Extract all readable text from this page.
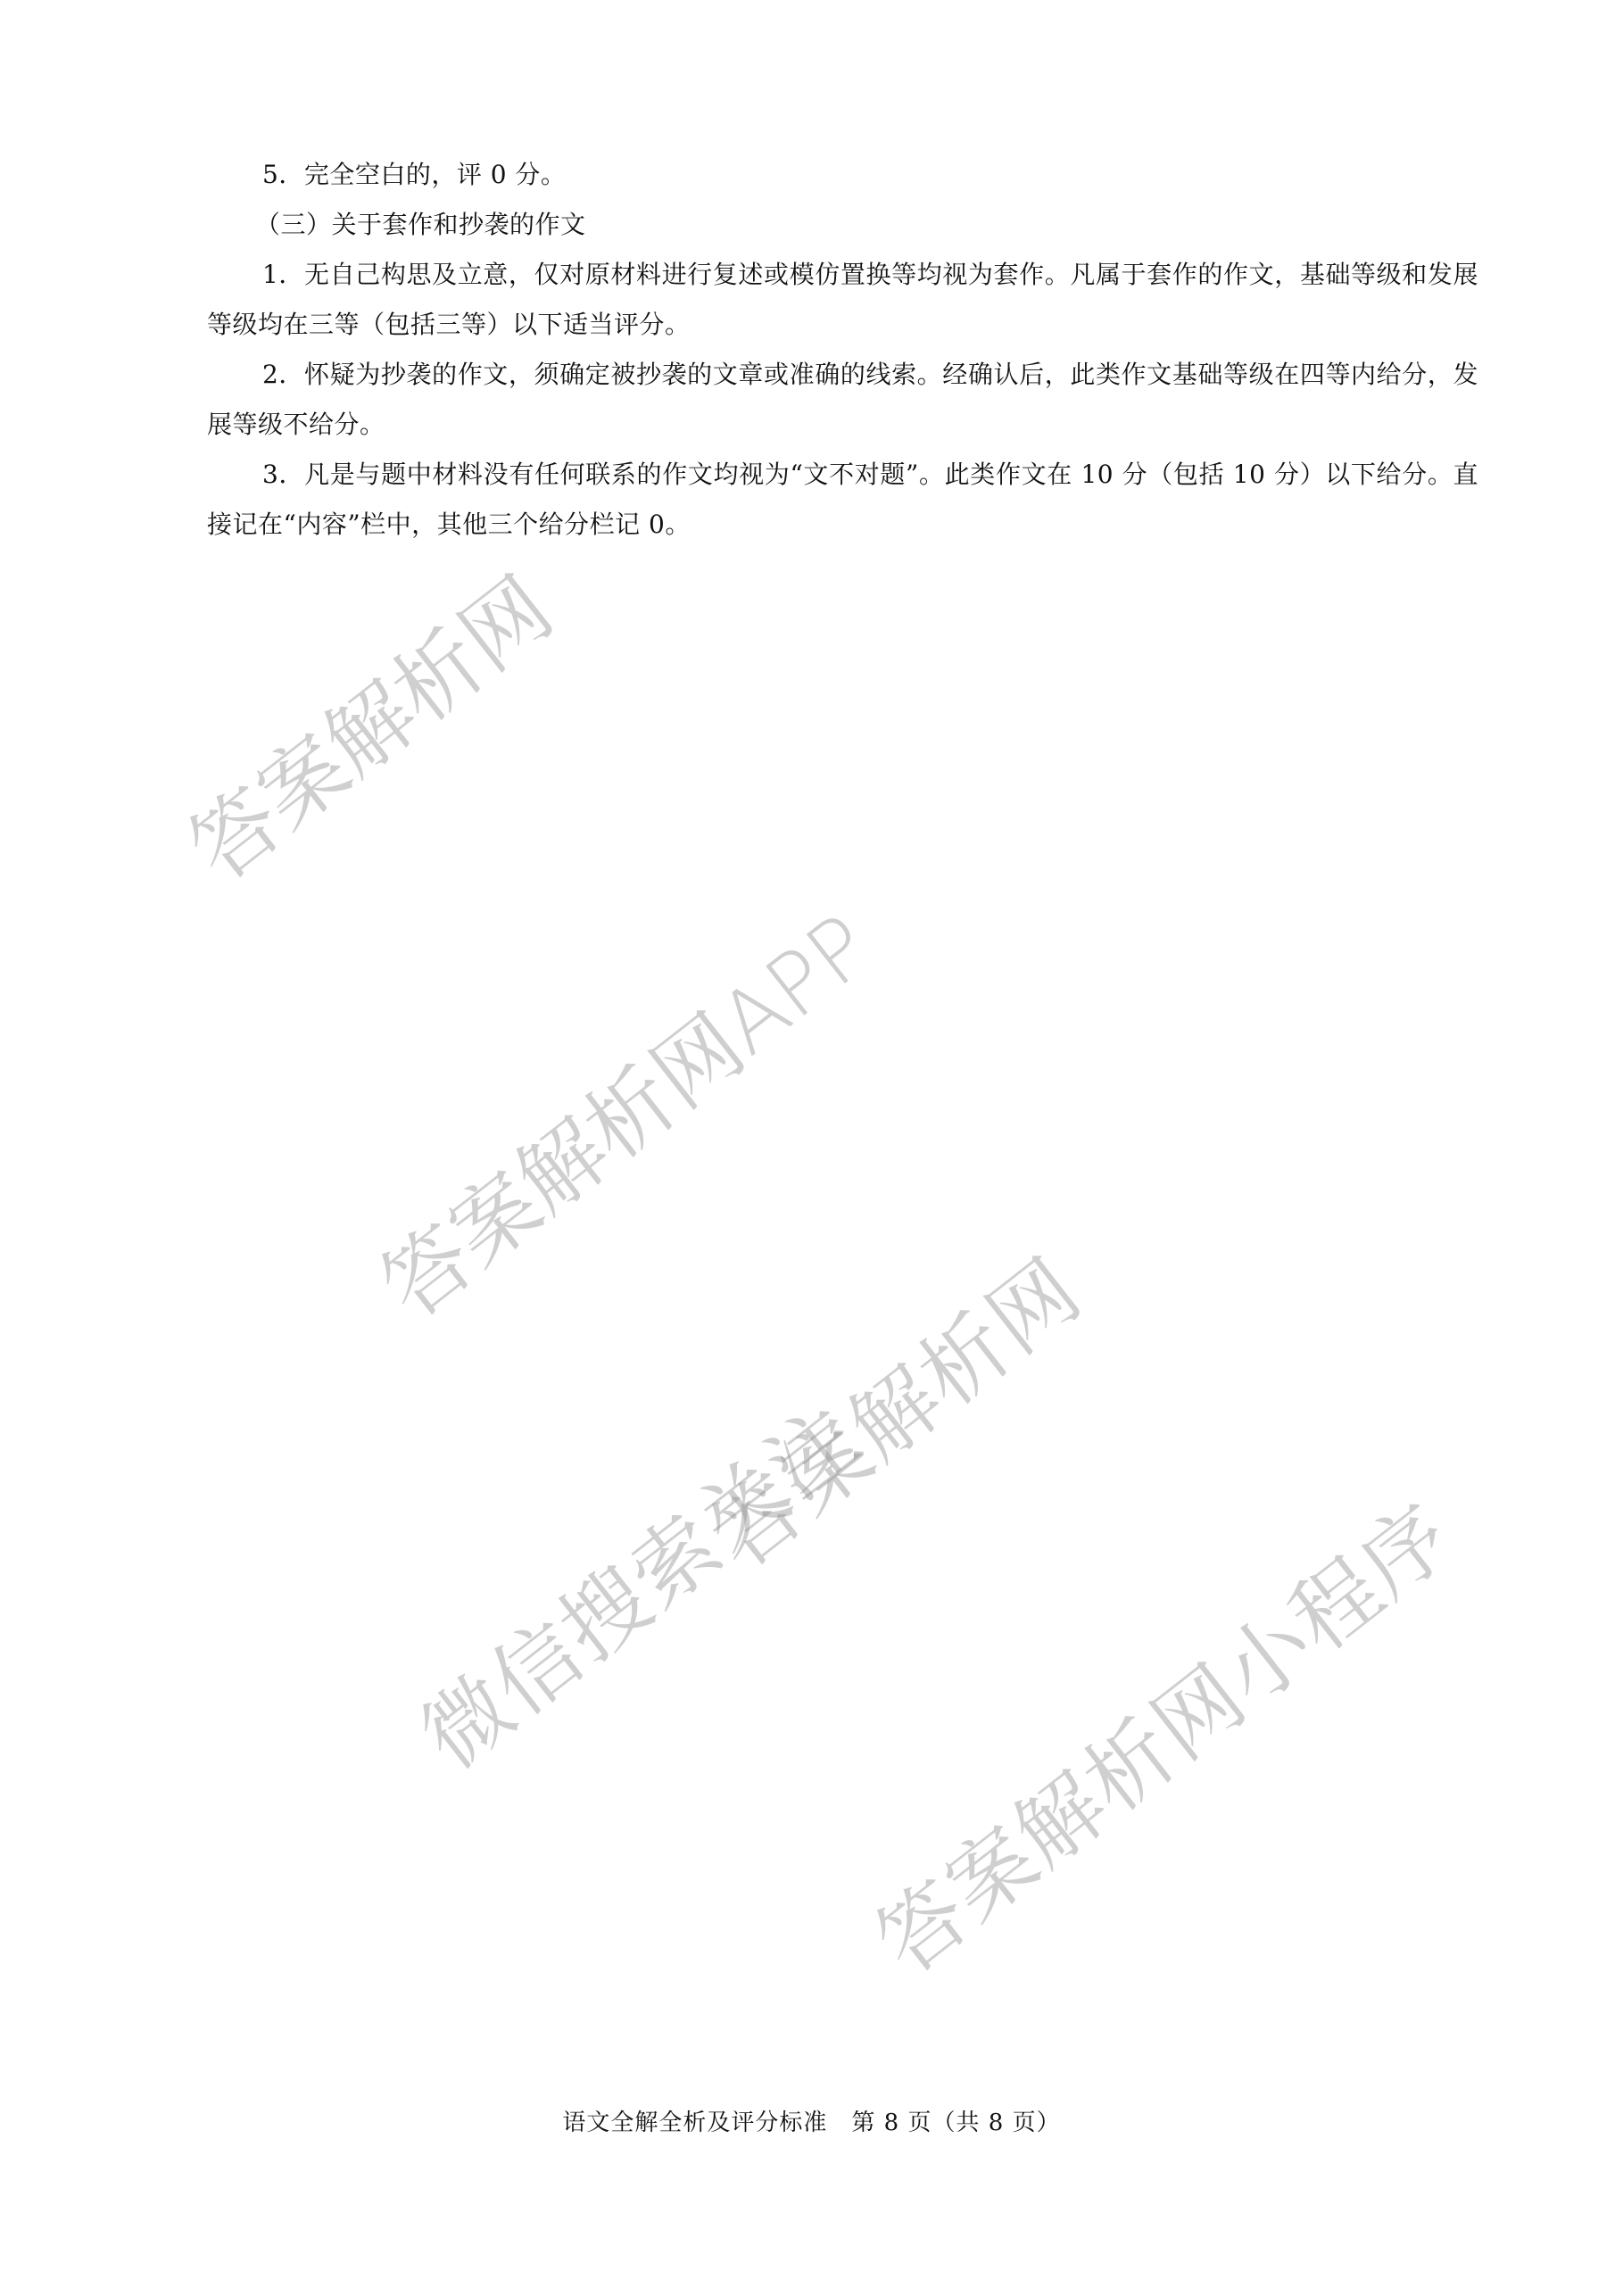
5．完全空白的，评 0 分。

（三）关于套作和抄袭的作文

1．无自己构思及立意，仅对原材料进行复述或模仿置换等均视为套作。凡属于套作的作文，基础等级和发展等级均在三等（包括三等）以下适当评分。

2．怀疑为抄袭的作文，须确定被抄袭的文章或准确的线索。经确认后，此类作文基础等级在四等内给分，发展等级不给分。

3．凡是与题中材料没有任何联系的作文均视为“文不对题”。此类作文在 10 分（包括 10 分）以下给分。直接记在“内容”栏中，其他三个给分栏记 0。

答案解析网
答案解析网APP
答案解析网
微信搜索关注
答案解析网小程序
语文全解全析及评分标准　第 8 页（共 8 页）
